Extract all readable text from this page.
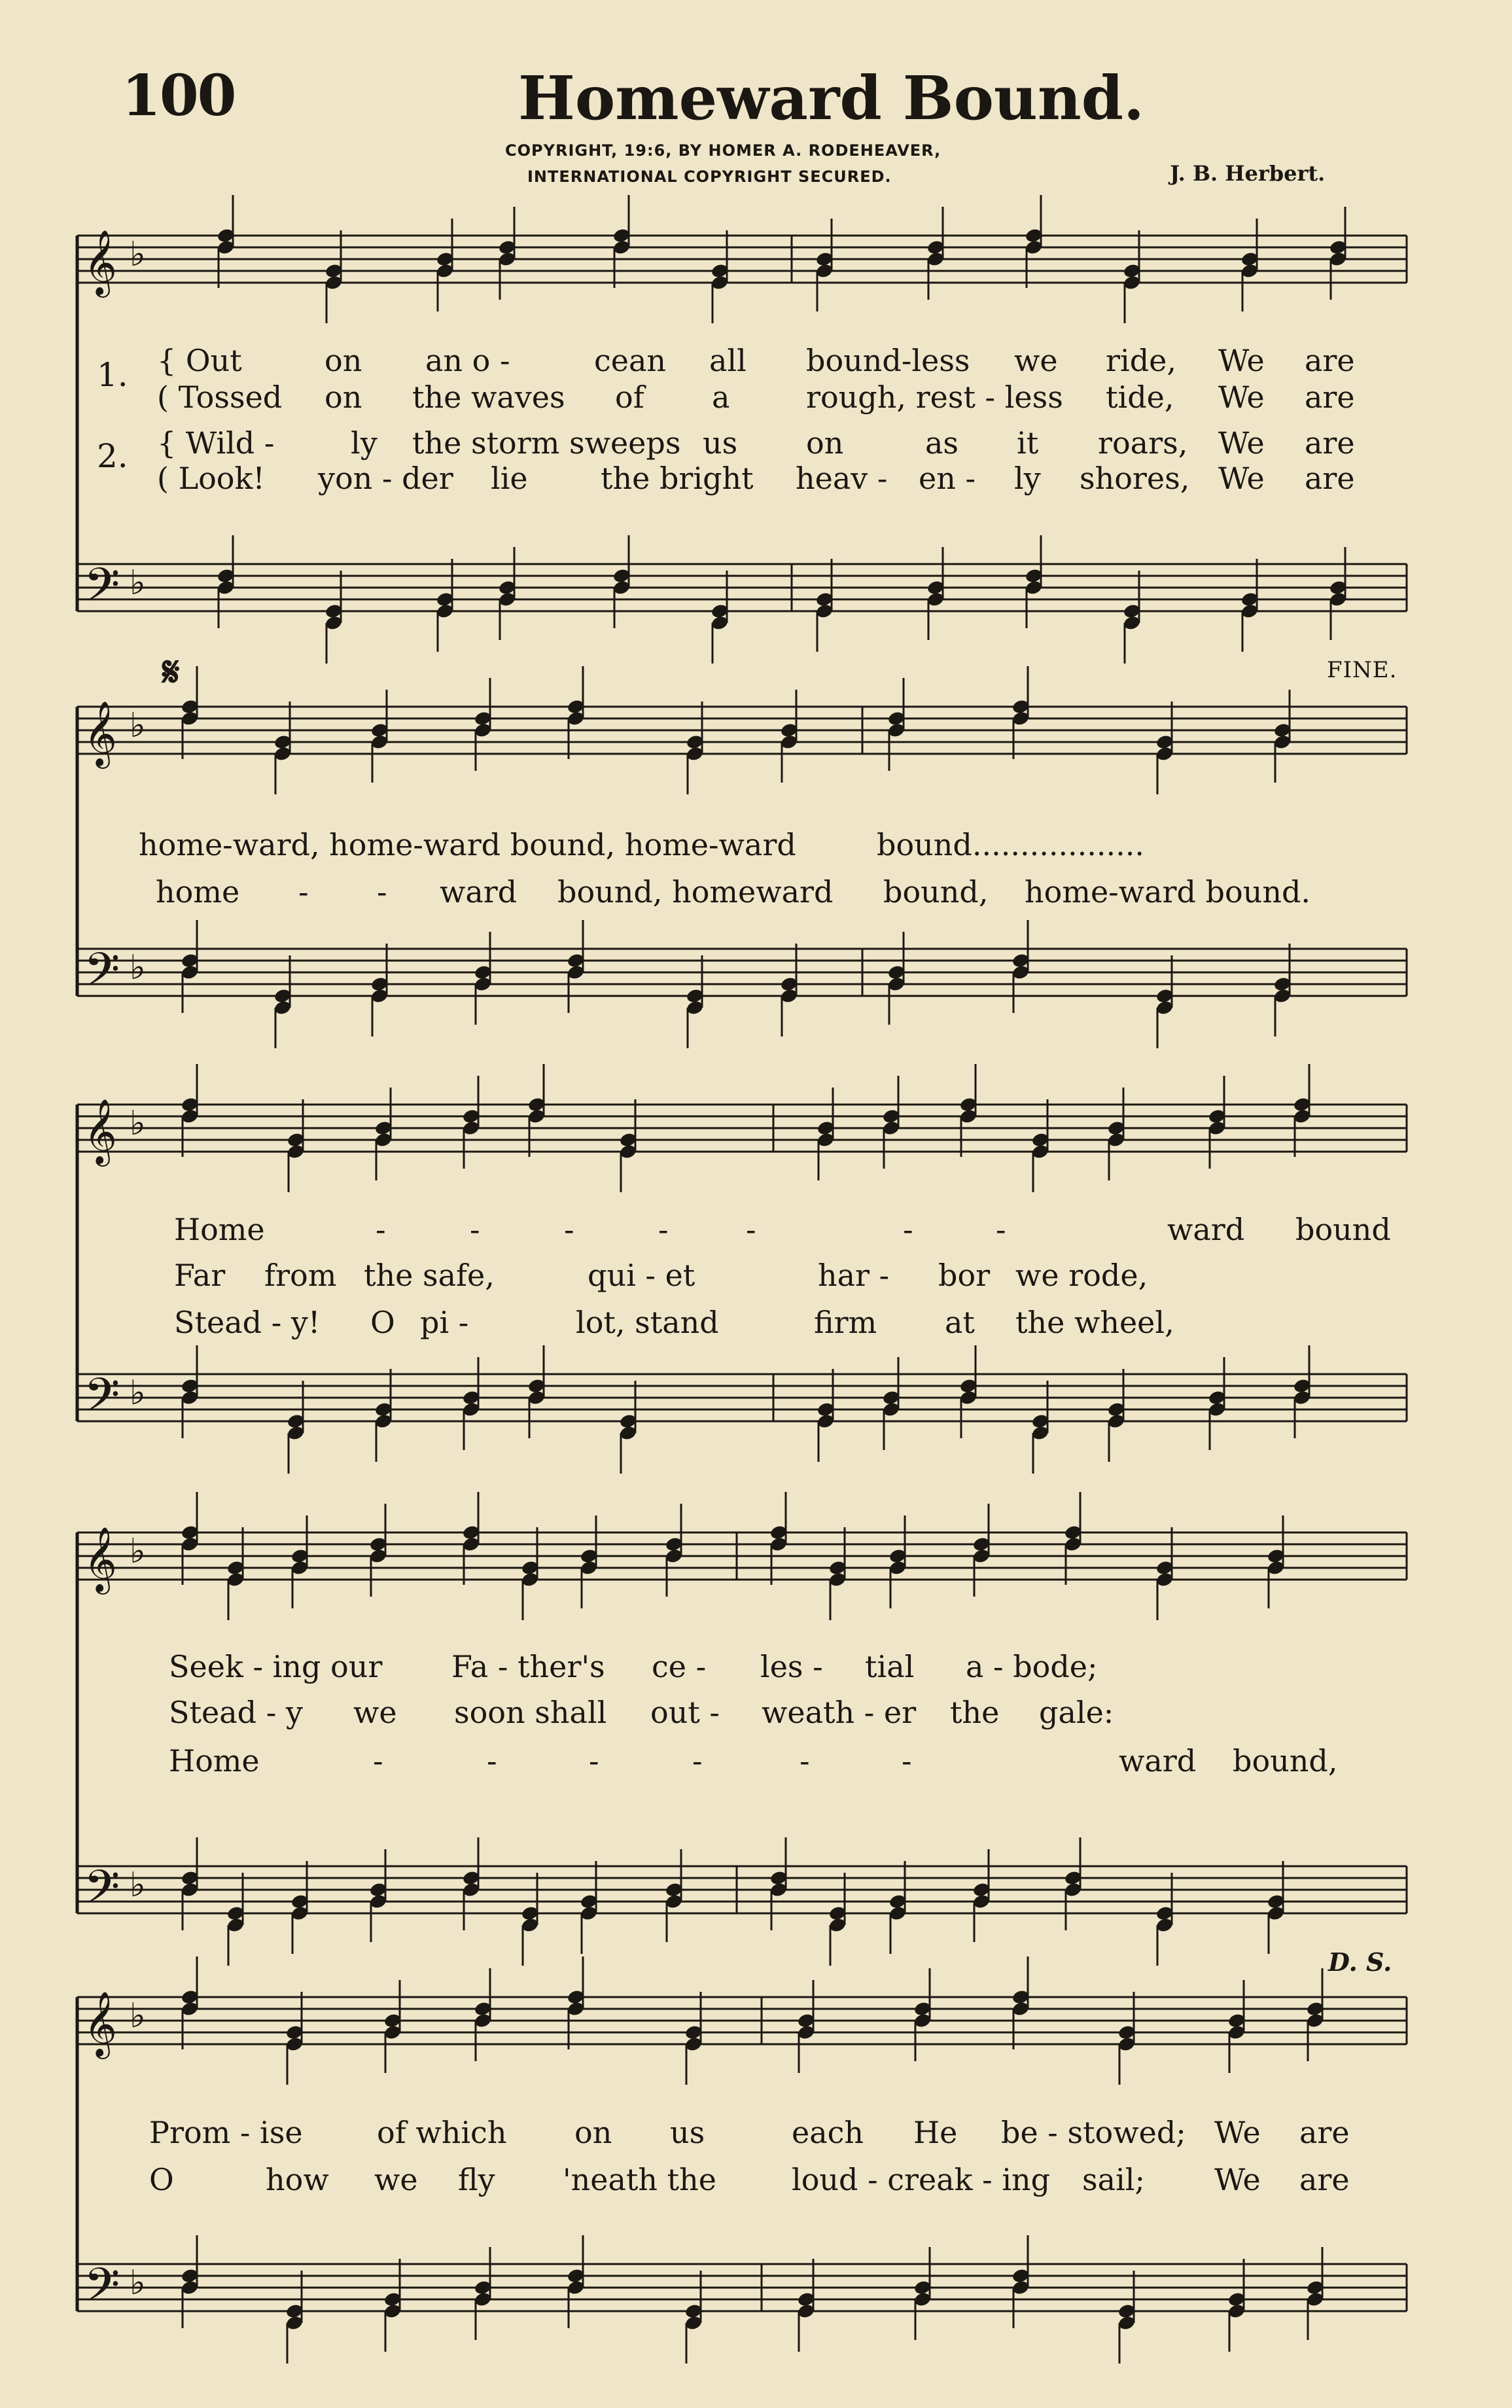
100	Homeward Bound.
COPYRIGHT, 19:6, BY HOMER A. RODEHEAVER,
INTERNATIONAL COPYRIGHT SECURED.	J. B. Herbert.
𝄞 ♭
𝄢 ♭
𝄞 ♭
𝄢 ♭
𝄞 ♭
𝄢 ♭
𝄞 ♭
𝄢 ♭
𝄞 ♭
𝄢 ♭
𝄋	FINE.
D. S.
1.
2.
{ Out	on an o -	cean all bound-less we ride, We are
( Tossed on the waves of a	rough, rest - less tide, We are
{ Wild -	ly the storm sweeps us on	as it roars, We are
( Look! yon - der lie the bright heav - en - ly shores, We are
home-ward, home-ward bound, home-ward	bound..................
home - - ward bound, homeward bound, home-ward bound.
Home	-	-	-	-	-	-	-	ward bound
Far from the safe,	qui - et	har - bor we rode,
Stead - y! O pi -	lot, stand	firm at the wheel,
Seek - ing our Fa - ther's ce - les - tial a - bode;
Stead - y we soon shall out - weath - er the gale:
Home	-	-	-	-	-	-	ward bound,
Prom - ise of which on us	each He be - stowed; We are
O	how we fly 'neath the	loud - creak - ing sail; We are
